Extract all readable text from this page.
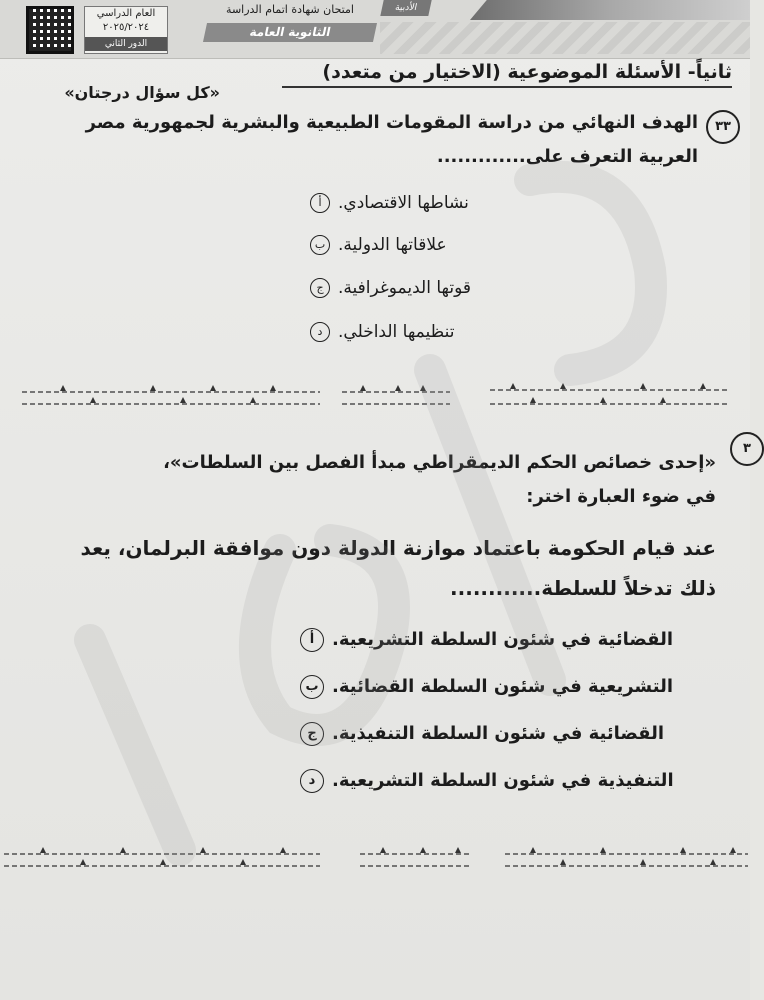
العام الدراسي
٢٠٢٥/٢٠٢٤
الدور الثاني
امتحان شهادة اتمام الدراسة
الثانوية العامة
الأدبية
ثانياً- الأسئلة الموضوعية (الاختيار من متعدد)
«كل سؤال درجتان»
٣٣
الهدف النهائي من دراسة المقومات الطبيعية والبشرية لجمهورية مصر
العربية التعرف على.............
أ نشاطها الاقتصادي.
ب علاقاتها الدولية.
ج قوتها الديموغرافية.
د تنظيمها الداخلي.
٣
«إحدى خصائص الحكم الديمقراطي مبدأ الفصل بين السلطات»،
في ضوء العبارة اختر:
عند قيام الحكومة باعتماد موازنة الدولة دون موافقة البرلمان، يعد
ذلك تدخلاً للسلطة............
أ القضائية في شئون السلطة التشريعية.
ب التشريعية في شئون السلطة القضائية.
ج القضائية في شئون السلطة التنفيذية.
د التنفيذية في شئون السلطة التشريعية.
